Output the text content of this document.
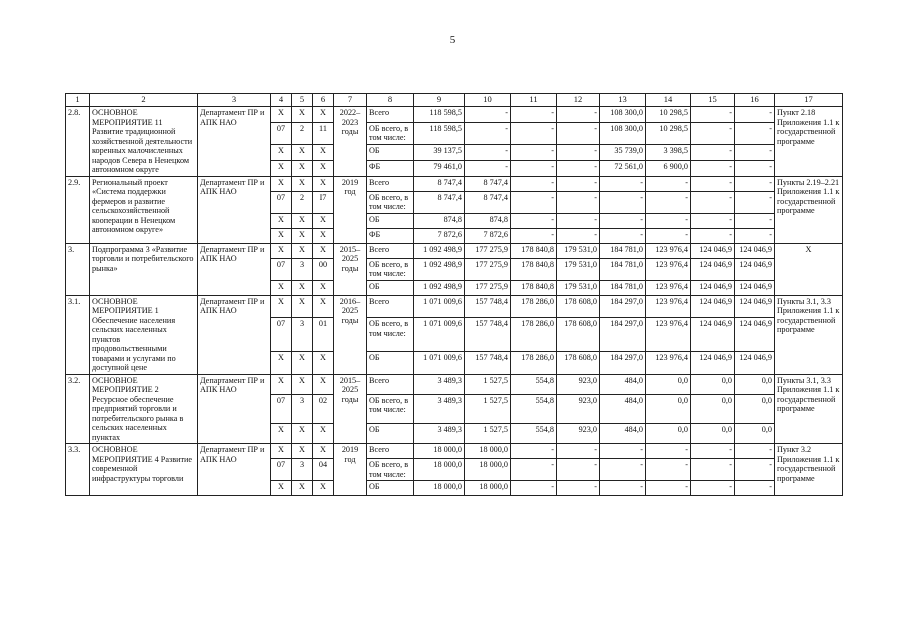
5
1	2	3	4	5	6	7	8	9	10	11	12	13	14	15	16	17
2.8.	ОСНОВНОЕ МЕРОПРИЯТИЕ 11 Развитие традиционной хозяйственной деятельности коренных малочисленных народов Севера в Ненецком автономном округе	Департамент ПР и АПК НАО	X	X	X	2022–2023 годы	Всего	118 598,5	-	-	-	108 300,0	10 298,5	-	-	Пункт 2.18 Приложения 1.1 к государственной программе
			07	2	11		ОБ всего, в том числе:	118 598,5	-	-	-	108 300,0	10 298,5	-	-	
			X	X	X		ОБ	39 137,5	-	-	-	35 739,0	3 398,5	-	-	
			X	X	X		ФБ	79 461,0	-	-	-	72 561,0	6 900,0	-	-	
2.9.	Региональный проект «Система поддержки фермеров и развитие сельскохозяйственной кооперации в Ненецком автономном округе»	Департамент ПР и АПК НАО	X	X	X	2019 год	Всего	8 747,4	8 747,4	-	-	-	-	-	-	Пункты 2.19–2.21 Приложения 1.1 к государственной программе
			07	2	I7		ОБ всего, в том числе:	8 747,4	8 747,4	-	-	-	-	-	-	
			X	X	X		ОБ	874,8	874,8	-	-	-	-	-	-	
			X	X	X		ФБ	7 872,6	7 872,6	-	-	-	-	-	-	
3.	Подпрограмма 3 «Развитие торговли и потребительского рынка»	Департамент ПР и АПК НАО	X	X	X	2015–2025 годы	Всего	1 092 498,9	177 275,9	178 840,8	179 531,0	184 781,0	123 976,4	124 046,9	124 046,9	X
			07	3	00		ОБ всего, в том числе:	1 092 498,9	177 275,9	178 840,8	179 531,0	184 781,0	123 976,4	124 046,9	124 046,9	
			X	X	X		ОБ	1 092 498,9	177 275,9	178 840,8	179 531,0	184 781,0	123 976,4	124 046,9	124 046,9	
3.1.	ОСНОВНОЕ МЕРОПРИЯТИЕ 1 Обеспечение населения сельских населенных пунктов продовольственными товарами и услугами по доступной цене	Департамент ПР и АПК НАО	X	X	X	2016–2025 годы	Всего	1 071 009,6	157 748,4	178 286,0	178 608,0	184 297,0	123 976,4	124 046,9	124 046,9	Пункты 3.1, 3.3 Приложения 1.1 к государственной программе
			07	3	01		ОБ всего, в том числе:	1 071 009,6	157 748,4	178 286,0	178 608,0	184 297,0	123 976,4	124 046,9	124 046,9	
			X	X	X		ОБ	1 071 009,6	157 748,4	178 286,0	178 608,0	184 297,0	123 976,4	124 046,9	124 046,9	
3.2.	ОСНОВНОЕ МЕРОПРИЯТИЕ 2 Ресурсное обеспечение предприятий торговли и потребительского рынка в сельских населенных пунктах	Департамент ПР и АПК НАО	X	X	X	2015–2025 годы	Всего	3 489,3	1 527,5	554,8	923,0	484,0	0,0	0,0	0,0	Пункты 3.1, 3.3 Приложения 1.1 к государственной программе
			07	3	02		ОБ всего, в том числе:	3 489,3	1 527,5	554,8	923,0	484,0	0,0	0,0	0,0	
			X	X	X		ОБ	3 489,3	1 527,5	554,8	923,0	484,0	0,0	0,0	0,0	
3.3.	ОСНОВНОЕ МЕРОПРИЯТИЕ 4 Развитие современной инфраструктуры торговли	Департамент ПР и АПК НАО	X	X	X	2019 год	Всего	18 000,0	18 000,0	-	-	-	-	-	-	Пункт 3.2 Приложения 1.1 к государственной программе
			07	3	04		ОБ всего, в том числе:	18 000,0	18 000,0	-	-	-	-	-	-	
			X	X	X		ОБ	18 000,0	18 000,0	-	-	-	-	-	-	
